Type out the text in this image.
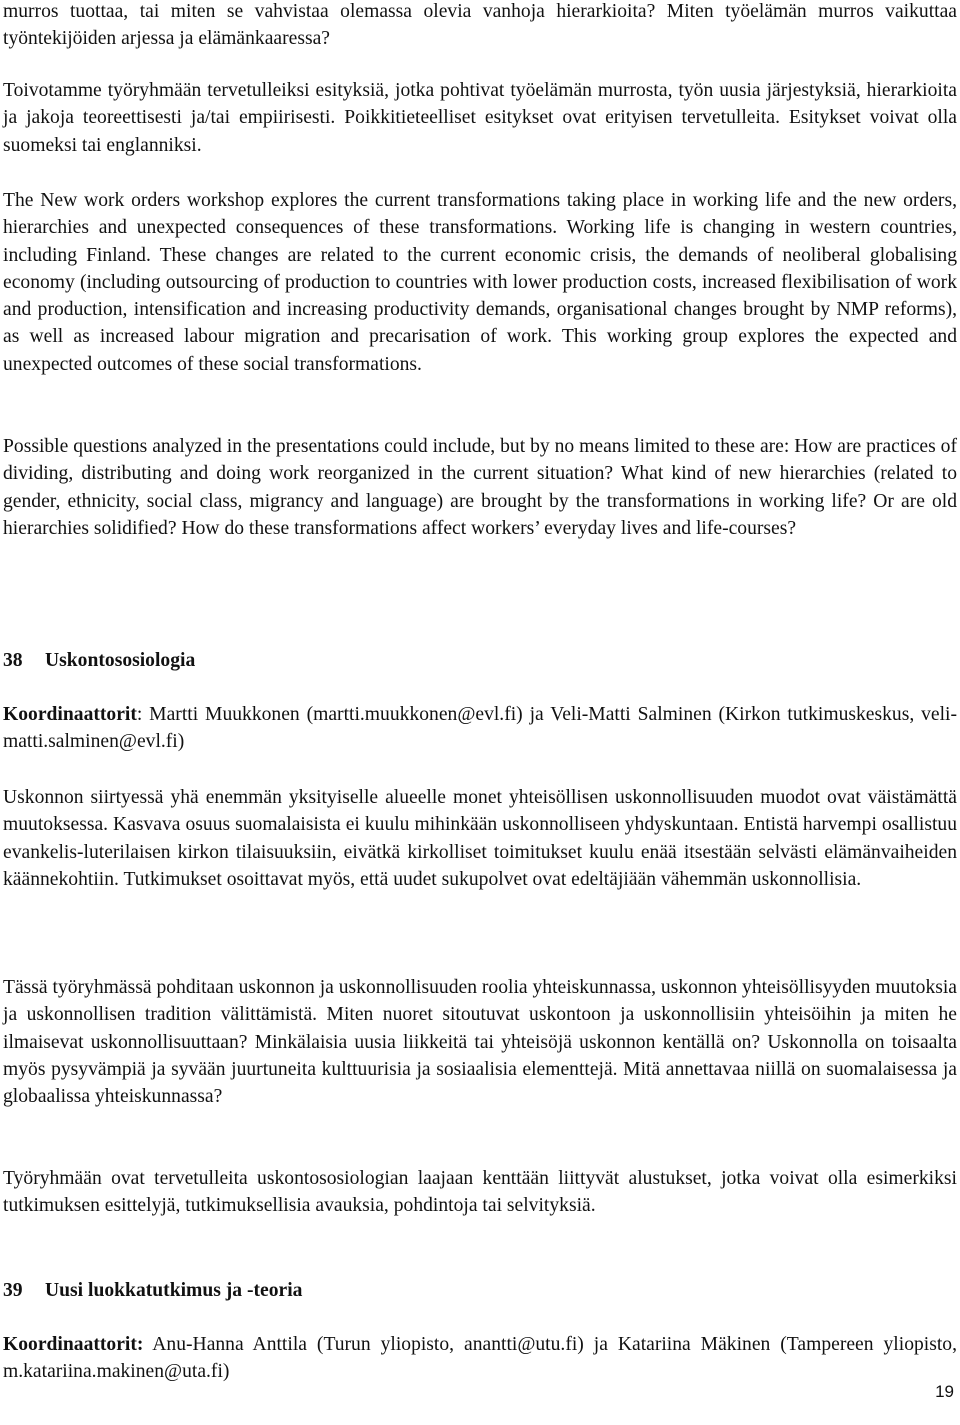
murros tuottaa, tai miten se vahvistaa olemassa olevia vanhoja hierarkioita? Miten työelämän murros vaikuttaa työntekijöiden arjessa ja elämänkaaressa?

Toivotamme työryhmään tervetulleiksi esityksiä, jotka pohtivat työelämän murrosta, työn uusia järjestyksiä, hierarkioita ja jakoja teoreettisesti ja/tai empiirisesti. Poikkitieteelliset esitykset ovat erityisen tervetulleita. Esitykset voivat olla suomeksi tai englanniksi.

The New work orders workshop explores the current transformations taking place in working life and the new orders, hierarchies and unexpected consequences of these transformations. Working life is changing in western countries, including Finland. These changes are related to the current economic crisis, the demands of neoliberal globalising economy (including outsourcing of production to countries with lower production costs, increased flexibilisation of work and production, intensification and increasing productivity demands, organisational changes brought by NMP reforms), as well as increased labour migration and precarisation of work. This working group explores the expected and unexpected outcomes of these social transformations.

Possible questions analyzed in the presentations could include, but by no means limited to these are: How are practices of dividing, distributing and doing work reorganized in the current situation? What kind of new hierarchies (related to gender, ethnicity, social class, migrancy and language) are brought by the transformations in working life? Or are old hierarchies solidified? How do these transformations affect workers’ everyday lives and life-courses?

38 Uskontososiologia

Koordinaattorit: Martti Muukkonen (martti.muukkonen@evl.fi) ja Veli-Matti Salminen (Kirkon tutkimuskeskus, veli-matti.salminen@evl.fi)

Uskonnon siirtyessä yhä enemmän yksityiselle alueelle monet yhteisöllisen uskonnollisuuden muodot ovat väistämättä muutoksessa. Kasvava osuus suomalaisista ei kuulu mihinkään uskonnolliseen yhdyskuntaan. Entistä harvempi osallistuu evankelis-luterilaisen kirkon tilaisuuksiin, eivätkä kirkolliset toimitukset kuulu enää itsestään selvästi elämänvaiheiden käännekohtiin. Tutkimukset osoittavat myös, että uudet sukupolvet ovat edeltäjiään vähemmän uskonnollisia.

Tässä työryhmässä pohditaan uskonnon ja uskonnollisuuden roolia yhteiskunnassa, uskonnon yhteisöllisyyden muutoksia ja uskonnollisen tradition välittämistä. Miten nuoret sitoutuvat uskontoon ja uskonnollisiin yhteisöihin ja miten he ilmaisevat uskonnollisuuttaan? Minkälaisia uusia liikkeitä tai yhteisöjä uskonnon kentällä on? Uskonnolla on toisaalta myös pysyvämpiä ja syvään juurtuneita kulttuurisia ja sosiaalisia elementtejä. Mitä annettavaa niillä on suomalaisessa ja globaalissa yhteiskunnassa?

Työryhmään ovat tervetulleita uskontososiologian laajaan kenttään liittyvät alustukset, jotka voivat olla esimerkiksi tutkimuksen esittelyjä, tutkimuksellisia avauksia, pohdintoja tai selvityksiä.

39 Uusi luokkatutkimus ja -teoria

Koordinaattorit: Anu-Hanna Anttila (Turun yliopisto, anantti@utu.fi) ja Katariina Mäkinen (Tampereen yliopisto, m.katariina.makinen@uta.fi)

19
